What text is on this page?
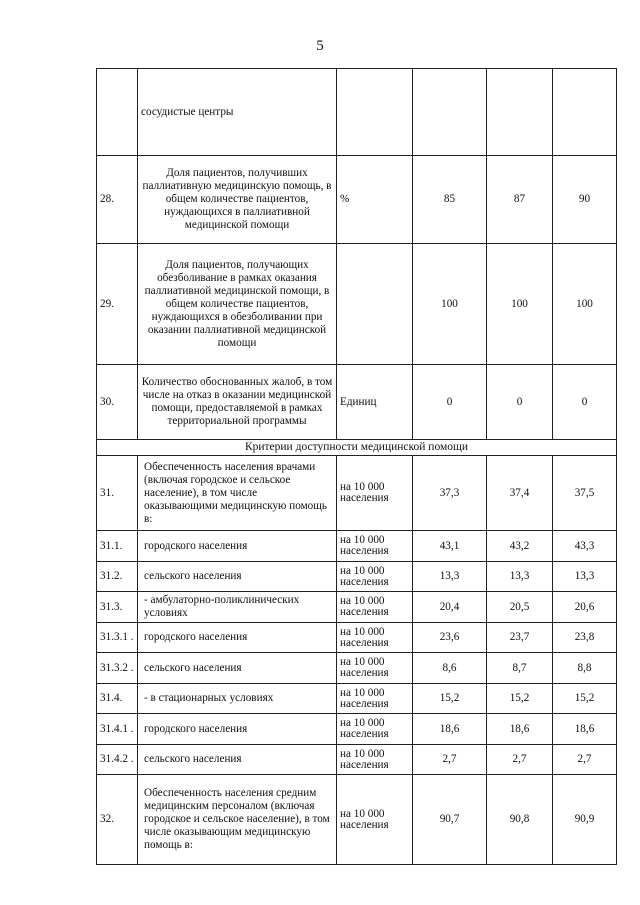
5
	сосудистые центры				
28.	Доля пациентов, получивших паллиативную медицинскую помощь, в общем количестве пациентов, нуждающихся в паллиативной медицинской помощи	%	85	87	90
29.	Доля пациентов, получающих обезболивание в рамках оказания паллиативной медицинской помощи, в общем количестве пациентов, нуждающихся в обезболивании при оказании паллиативной медицинской помощи		100	100	100
30.	Количество обоснованных жалоб, в том числе на отказ в оказании медицинской помощи, предоставляемой в рамках территориальной программы	Единиц	0	0	0
Критерии доступности медицинской помощи					
31.	Обеспеченность населения врачами (включая городское и сельское население), в том числе оказывающими медицинскую помощь в:	на 10 000 населения	37,3	37,4	37,5
31.1.	городского населения	на 10 000 населения	43,1	43,2	43,3
31.2.	сельского населения	на 10 000 населения	13,3	13,3	13,3
31.3.	- амбулаторно-поликлинических условиях	на 10 000 населения	20,4	20,5	20,6
31.3.1 .	городского населения	на 10 000 населения	23,6	23,7	23,8
31.3.2 .	сельского населения	на 10 000 населения	8,6	8,7	8,8
31.4.	- в стационарных условиях	на 10 000 населения	15,2	15,2	15,2
31.4.1 .	городского населения	на 10 000 населения	18,6	18,6	18,6
31.4.2 .	сельского населения	на 10 000 населения	2,7	2,7	2,7
32.	Обеспеченность населения средним медицинским персоналом (включая городское и сельское население), в том числе оказывающим медицинскую помощь в:	на 10 000 населения	90,7	90,8	90,9
